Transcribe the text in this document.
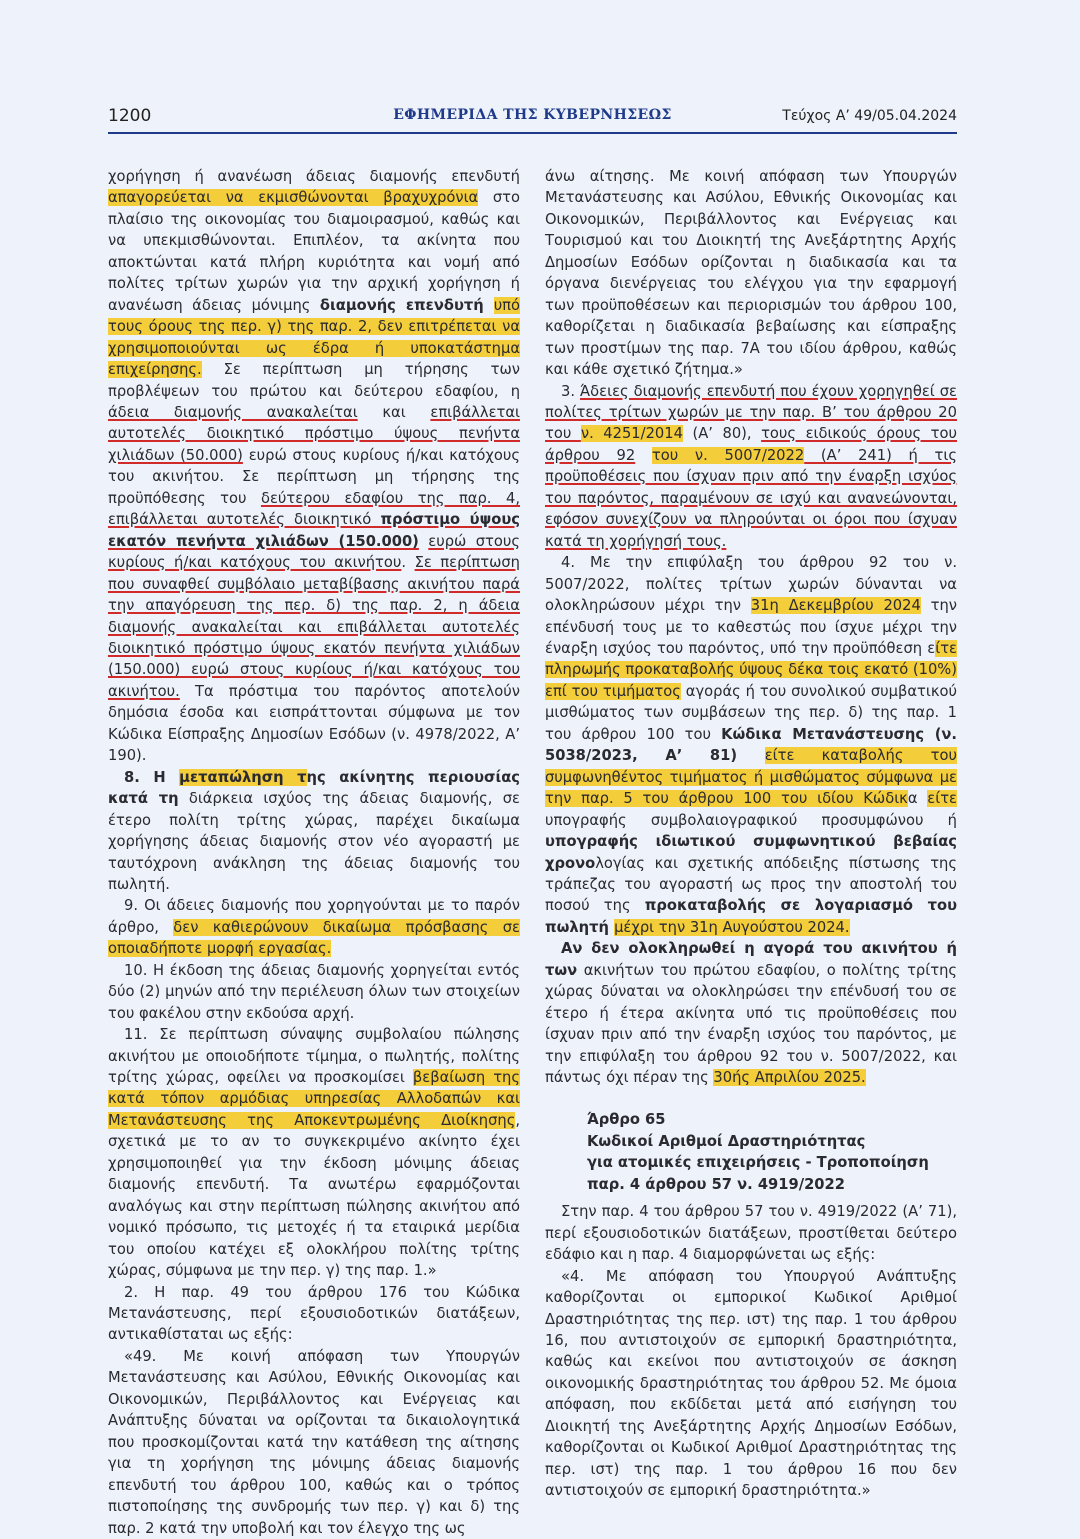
1200	ΕΦΗΜΕΡΙΔΑ ΤΗΣ ΚΥΒΕΡΝΗΣΕΩΣ	Τεύχος Α’ 49/05.04.2024

χορήγηση ή ανανέωση άδειας διαμονής επενδυτή απαγορεύεται να εκμισθώνονται βραχυχρόνια στο πλαίσιο της οικονομίας του διαμοιρασμού, καθώς και να υπεκμισθώνονται. Επιπλέον, τα ακίνητα που αποκτώνται κατά πλήρη κυριότητα και νομή από πολίτες τρίτων χωρών για την αρχική χορήγηση ή ανανέωση άδειας μόνιμης διαμονής επενδυτή υπό τους όρους της περ. γ) της παρ. 2, δεν επιτρέπεται να χρησιμοποιούνται ως έδρα ή υποκατάστημα επιχείρησης. Σε περίπτωση μη τήρησης των προβλέψεων του πρώτου και δεύτερου εδαφίου, η άδεια διαμονής ανακαλείται και επιβάλλεται αυτοτελές διοικητικό πρόστιμο ύψους πενήντα χιλιάδων (50.000) ευρώ στους κυρίους ή/και κατόχους του ακινήτου. Σε περίπτωση μη τήρησης της προϋπόθεσης του δεύτερου εδαφίου της παρ. 4, επιβάλλεται αυτοτελές διοικητικό πρόστιμο ύψους εκατόν πενήντα χιλιάδων (150.000) ευρώ στους κυρίους ή/και κατόχους του ακινήτου. Σε περίπτωση που συναφθεί συμβόλαιο μεταβίβασης ακινήτου παρά την απαγόρευση της περ. δ) της παρ. 2, η άδεια διαμονής ανακαλείται και επιβάλλεται αυτοτελές διοικητικό πρόστιμο ύψους εκατόν πενήντα χιλιάδων (150.000) ευρώ στους κυρίους ή/και κατόχους του ακινήτου. Τα πρόστιμα του παρόντος αποτελούν δημόσια έσοδα και εισπράττονται σύμφωνα με τον Κώδικα Είσπραξης Δημοσίων Εσόδων (ν. 4978/2022, Α’ 190).

8. Η μεταπώληση της ακίνητης περιουσίας κατά τη διάρκεια ισχύος της άδειας διαμονής, σε έτερο πολίτη τρίτης χώρας, παρέχει δικαίωμα χορήγησης άδειας διαμονής στον νέο αγοραστή με ταυτόχρονη ανάκληση της άδειας διαμονής του πωλητή.

9. Οι άδειες διαμονής που χορηγούνται με το παρόν άρθρο, δεν καθιερώνουν δικαίωμα πρόσβασης σε οποιαδήποτε μορφή εργασίας.

10. Η έκδοση της άδειας διαμονής χορηγείται εντός δύο (2) μηνών από την περιέλευση όλων των στοιχείων του φακέλου στην εκδούσα αρχή.

11. Σε περίπτωση σύναψης συμβολαίου πώλησης ακινήτου με οποιοδήποτε τίμημα, ο πωλητής, πολίτης τρίτης χώρας, οφείλει να προσκομίσει βεβαίωση της κατά τόπον αρμόδιας υπηρεσίας Αλλοδαπών και Μετανάστευσης της Αποκεντρωμένης Διοίκησης, σχετικά με το αν το συγκεκριμένο ακίνητο έχει χρησιμοποιηθεί για την έκδοση μόνιμης άδειας διαμονής επενδυτή. Τα ανωτέρω εφαρμόζονται αναλόγως και στην περίπτωση πώλησης ακινήτου από νομικό πρόσωπο, τις μετοχές ή τα εταιρικά μερίδια του οποίου κατέχει εξ ολοκλήρου πολίτης τρίτης χώρας, σύμφωνα με την περ. γ) της παρ. 1.»

2. Η παρ. 49 του άρθρου 176 του Κώδικα Μετανάστευσης, περί εξουσιοδοτικών διατάξεων, αντικαθίσταται ως εξής:

«49. Με κοινή απόφαση των Υπουργών Μετανάστευσης και Ασύλου, Εθνικής Οικονομίας και Οικονομικών, Περιβάλλοντος και Ενέργειας και Ανάπτυξης δύναται να ορίζονται τα δικαιολογητικά που προσκομίζονται κατά την κατάθεση της αίτησης για τη χορήγηση της μόνιμης άδειας διαμονής επενδυτή του άρθρου 100, καθώς και ο τρόπος πιστοποίησης της συνδρομής των περ. γ) και δ) της παρ. 2 κατά την υποβολή και τον έλεγχο της ως

άνω αίτησης. Με κοινή απόφαση των Υπουργών Μετανάστευσης και Ασύλου, Εθνικής Οικονομίας και Οικονομικών, Περιβάλλοντος και Ενέργειας και Τουρισμού και του Διοικητή της Ανεξάρτητης Αρχής Δημοσίων Εσόδων ορίζονται η διαδικασία και τα όργανα διενέργειας του ελέγχου για την εφαρμογή των προϋποθέσεων και περιορισμών του άρθρου 100, καθορίζεται η διαδικασία βεβαίωσης και είσπραξης των προστίμων της παρ. 7Α του ιδίου άρθρου, καθώς και κάθε σχετικό ζήτημα.»

3. Άδειες διαμονής επενδυτή που έχουν χορηγηθεί σε πολίτες τρίτων χωρών με την παρ. Β’ του άρθρου 20 του ν. 4251/2014 (Α’ 80), τους ειδικούς όρους του άρθρου 92 του ν. 5007/2022 (Α’ 241) ή τις προϋποθέσεις που ίσχυαν πριν από την έναρξη ισχύος του παρόντος, παραμένουν σε ισχύ και ανανεώνονται, εφόσον συνεχίζουν να πληρούνται οι όροι που ίσχυαν κατά τη χορήγησή τους.

4. Με την επιφύλαξη του άρθρου 92 του ν. 5007/2022, πολίτες τρίτων χωρών δύνανται να ολοκληρώσουν μέχρι την 31η Δεκεμβρίου 2024 την επένδυσή τους με το καθεστώς που ίσχυε μέχρι την έναρξη ισχύος του παρόντος, υπό την προϋπόθεση είτε πληρωμής προκαταβολής ύψους δέκα τοις εκατό (10%) επί του τιμήματος αγοράς ή του συνολικού συμβατικού μισθώματος των συμβάσεων της περ. δ) της παρ. 1 του άρθρου 100 του Κώδικα Μετανάστευσης (ν. 5038/2023, Α’ 81) είτε καταβολής του συμφωνηθέντος τιμήματος ή μισθώματος σύμφωνα με την παρ. 5 του άρθρου 100 του ιδίου Κώδικα είτε υπογραφής συμβολαιογραφικού προσυμφώνου ή υπογραφής ιδιωτικού συμφωνητικού βεβαίας χρονολογίας και σχετικής απόδειξης πίστωσης της τράπεζας του αγοραστή ως προς την αποστολή του ποσού της προκαταβολής σε λογαριασμό του πωλητή μέχρι την 31η Αυγούστου 2024.

Αν δεν ολοκληρωθεί η αγορά του ακινήτου ή των ακινήτων του πρώτου εδαφίου, ο πολίτης τρίτης χώρας δύναται να ολοκληρώσει την επένδυσή του σε έτερο ή έτερα ακίνητα υπό τις προϋποθέσεις που ίσχυαν πριν από την έναρξη ισχύος του παρόντος, με την επιφύλαξη του άρθρου 92 του ν. 5007/2022, και πάντως όχι πέραν της 30ής Απριλίου 2025.

Άρθρο 65

Κωδικοί Αριθμοί Δραστηριότητας

για ατομικές επιχειρήσεις - Τροποποίηση

παρ. 4 άρθρου 57 ν. 4919/2022

Στην παρ. 4 του άρθρου 57 του ν. 4919/2022 (Α’ 71), περί εξουσιοδοτικών διατάξεων, προστίθεται δεύτερο εδάφιο και η παρ. 4 διαμορφώνεται ως εξής:

«4. Με απόφαση του Υπουργού Ανάπτυξης καθορίζονται οι εμπορικοί Κωδικοί Αριθμοί Δραστηριότητας της περ. ιστ) της παρ. 1 του άρθρου 16, που αντιστοιχούν σε εμπορική δραστηριότητα, καθώς και εκείνοι που αντιστοιχούν σε άσκηση οικονομικής δραστηριότητας του άρθρου 52. Με όμοια απόφαση, που εκδίδεται μετά από εισήγηση του Διοικητή της Ανεξάρτητης Αρχής Δημοσίων Εσόδων, καθορίζονται οι Κωδικοί Αριθμοί Δραστηριότητας της περ. ιστ) της παρ. 1 του άρθρου 16 που δεν αντιστοιχούν σε εμπορική δραστηριότητα.»
